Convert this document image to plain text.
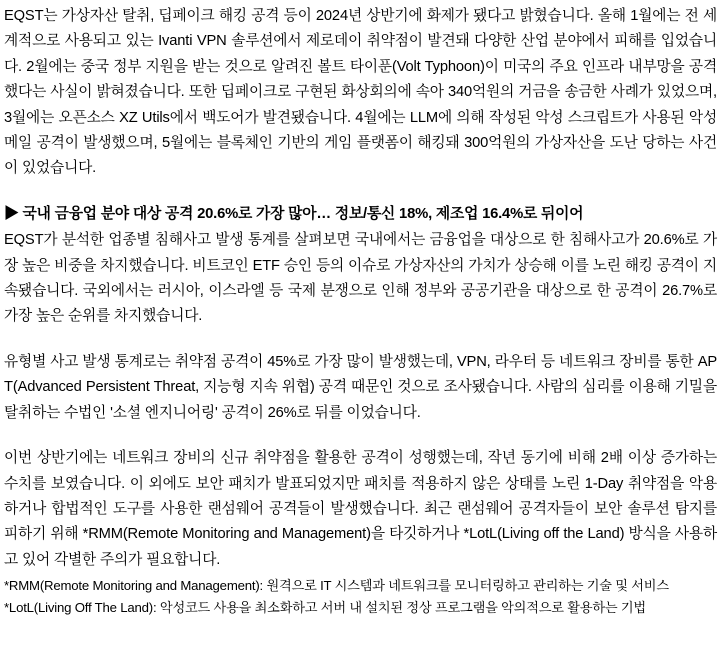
EQST는 가상자산 탈취, 딥페이크 해킹 공격 등이 2024년 상반기에 화제가 됐다고 밝혔습니다. 올해 1월에는 전 세계적으로 사용되고 있는 Ivanti VPN 솔루션에서 제로데이 취약점이 발견돼 다양한 산업 분야에서 피해를 입었습니다. 2월에는 중국 정부 지원을 받는 것으로 알려진 볼트 타이푼(Volt Typhoon)이 미국의 주요 인프라 내부망을 공격했다는 사실이 밝혀졌습니다. 또한 딥페이크로 구현된 화상회의에 속아 340억원의 거금을 송금한 사례가 있었으며, 3월에는 오픈소스 XZ Utils에서 백도어가 발견됐습니다. 4월에는 LLM에 의해 작성된 악성 스크립트가 사용된 악성 메일 공격이 발생했으며, 5월에는 블록체인 기반의 게임 플랫폼이 해킹돼 300억원의 가상자산을 도난 당하는 사건이 있었습니다.

▶ 국내 금융업 분야 대상 공격 20.6%로 가장 많아… 정보/통신 18%, 제조업 16.4%로 뒤이어

EQST가 분석한 업종별 침해사고 발생 통계를 살펴보면 국내에서는 금융업을 대상으로 한 침해사고가 20.6%로 가장 높은 비중을 차지했습니다. 비트코인 ETF 승인 등의 이슈로 가상자산의 가치가 상승해 이를 노린 해킹 공격이 지속됐습니다. 국외에서는 러시아, 이스라엘 등 국제 분쟁으로 인해 정부와 공공기관을 대상으로 한 공격이 26.7%로 가장 높은 순위를 차지했습니다.

유형별 사고 발생 통계로는 취약점 공격이 45%로 가장 많이 발생했는데, VPN, 라우터 등 네트워크 장비를 통한 APT(Advanced Persistent Threat, 지능형 지속 위협) 공격 때문인 것으로 조사됐습니다. 사람의 심리를 이용해 기밀을 탈취하는 수법인 '소셜 엔지니어링' 공격이 26%로 뒤를 이었습니다.

이번 상반기에는 네트워크 장비의 신규 취약점을 활용한 공격이 성행했는데, 작년 동기에 비해 2배 이상 증가하는 수치를 보였습니다. 이 외에도 보안 패치가 발표되었지만 패치를 적용하지 않은 상태를 노린 1-Day 취약점을 악용하거나 합법적인 도구를 사용한 랜섬웨어 공격들이 발생했습니다. 최근 랜섬웨어 공격자들이 보안 솔루션 탐지를 피하기 위해 *RMM(Remote Monitoring and Management)을 타깃하거나 *LotL(Living off the Land) 방식을 사용하고 있어 각별한 주의가 필요합니다.

*RMM(Remote Monitoring and Management): 원격으로 IT 시스템과 네트워크를 모니터링하고 관리하는 기술 및 서비스

*LotL(Living Off The Land): 악성코드 사용을 최소화하고 서버 내 설치된 정상 프로그램을 악의적으로 활용하는 기법
